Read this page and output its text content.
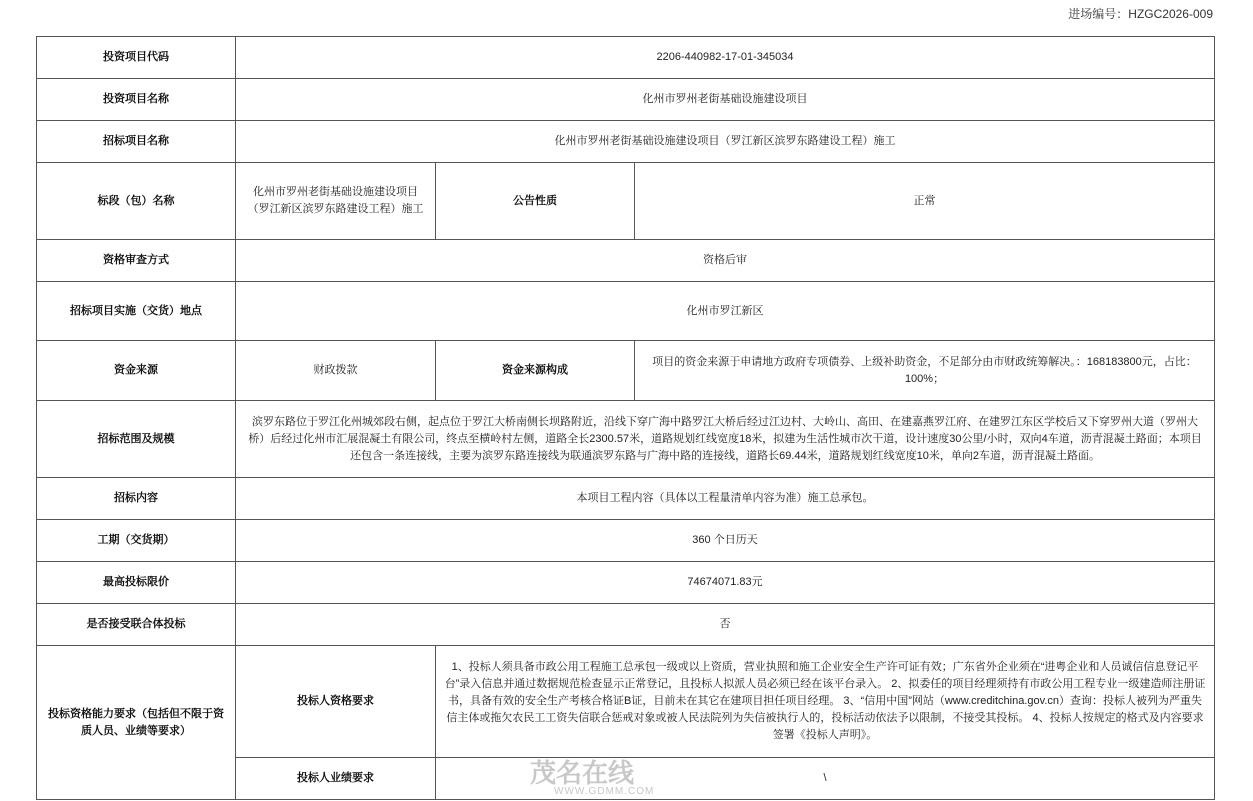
进场编号：HZGC2026-009
投资项目代码	2206-440982-17-01-345034		
投资项目名称	化州市罗州老街基础设施建设项目		
招标项目名称	化州市罗州老街基础设施建设项目（罗江新区滨罗东路建设工程）施工		
标段（包）名称	化州市罗州老街基础设施建设项目（罗江新区滨罗东路建设工程）施工	公告性质	正常
资格审查方式	资格后审		
招标项目实施（交货）地点	化州市罗江新区		
资金来源	财政拨款	资金来源构成	项目的资金来源于申请地方政府专项债券、上级补助资金，不足部分由市财政统筹解决。：168183800元，占比：100%；
招标范围及规模	滨罗东路位于罗江化州城郊段右侧，起点位于罗江大桥南侧长坝路附近，沿线下穿广海中路罗江大桥后经过江边村、大岭山、高田、在建嘉燕罗江府、在建罗江东区学校后又下穿罗州大道（罗州大桥）后经过化州市汇展混凝土有限公司，终点至横岭村左侧，道路全长2300.57米，道路规划红线宽度18米，拟建为生活性城市次干道，设计速度30公里/小时，双向4车道，沥青混凝土路面；本项目还包含一条连接线，主要为滨罗东路连接线为联通滨罗东路与广海中路的连接线，道路长69.44米，道路规划红线宽度10米，单向2车道，沥青混凝土路面。		
招标内容	本项目工程内容（具体以工程量清单内容为准）施工总承包。		
工期（交货期）	360 个日历天		
最高投标限价	74674071.83元		
是否接受联合体投标	否		
投标资格能力要求（包括但不限于资质人员、业绩等要求）	投标人资格要求	1、投标人须具备市政公用工程施工总承包一级或以上资质，营业执照和施工企业安全生产许可证有效；广东省外企业须在“进粤企业和人员诚信信息登记平台”录入信息并通过数据规范检查显示正常登记，且投标人拟派人员必须已经在该平台录入。 2、拟委任的项目经理须持有市政公用工程专业一级建造师注册证书，具备有效的安全生产考核合格证B证，目前未在其它在建项目担任项目经理。 3、“信用中国”网站（www.creditchina.gov.cn）查询：投标人被列为严重失信主体或拖欠农民工工资失信联合惩戒对象或被人民法院列为失信被执行人的，投标活动依法予以限制，不接受其投标。 4、投标人按规定的格式及内容要求签署《投标人声明》。	
	投标人业绩要求	\	
茂名在线
WWW.GDMM.COM
